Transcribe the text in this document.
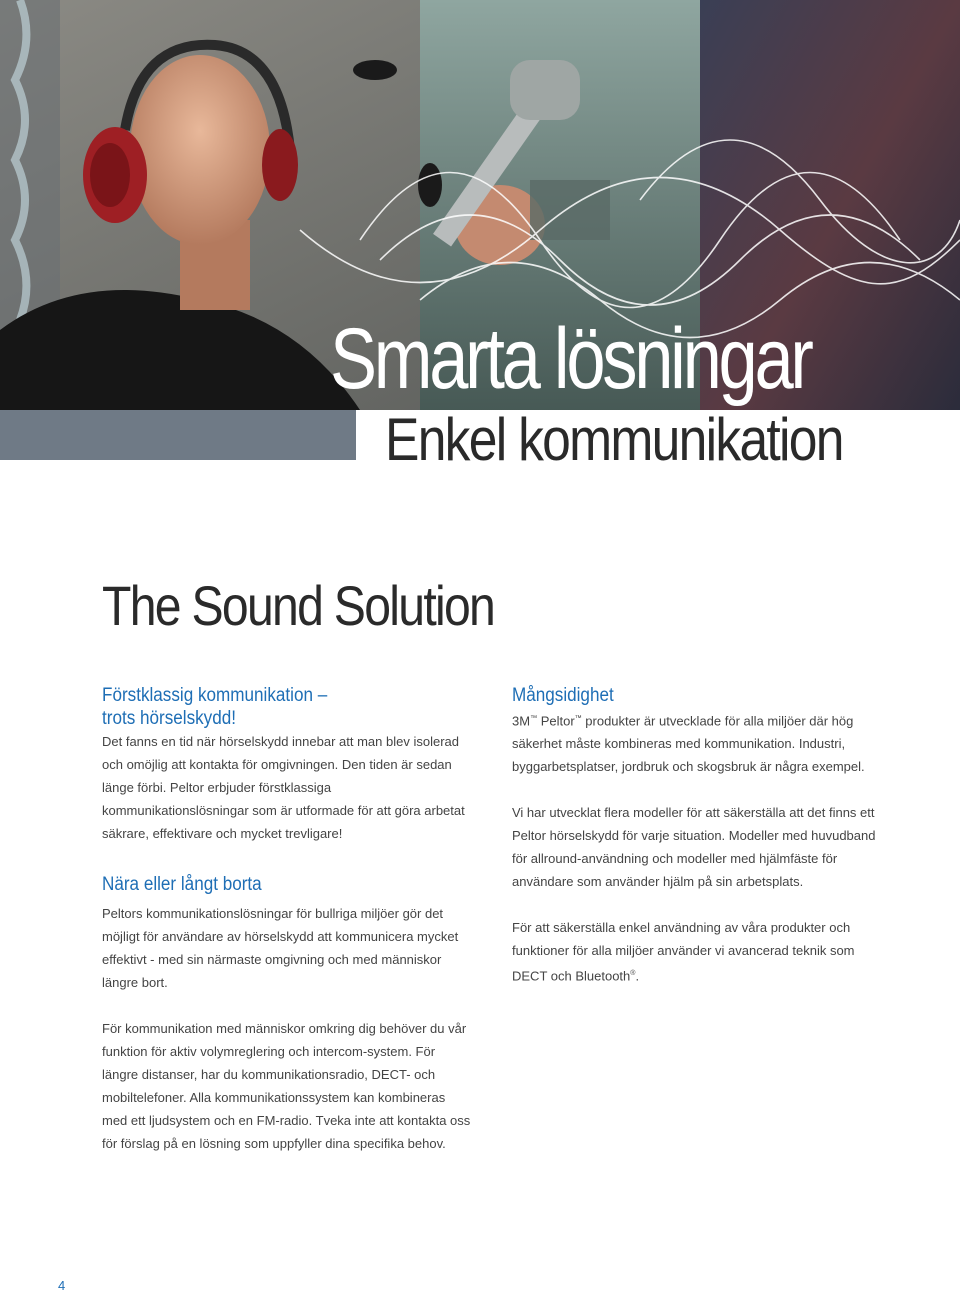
Smarta lösningar
Enkel kommunikation
The Sound Solution
Förstklassig kommunikation –
trots hörselskydd!

Det fanns en tid när hörselskydd innebar att man blev isolerad och omöjlig att kontakta för omgivningen. Den tiden är sedan länge förbi. Peltor erbjuder förstklassiga kommunikationslösningar som är utformade för att göra arbetat säkrare, effektivare och mycket trevligare!

Nära eller långt borta

Peltors kommunikationslösningar för bullriga miljöer gör det möjligt för användare av hörselskydd att kommunicera mycket effektivt - med sin närmaste omgivning och med människor längre bort.

För kommunikation med människor omkring dig behöver du vår funktion för aktiv volymreglering och intercom-system. För längre distanser, har du kommunikationsradio, DECT- och mobiltelefoner. Alla kommunikationssystem kan kombineras med ett ljudsystem och en FM-radio. Tveka inte att kontakta oss för förslag på en lösning som uppfyller dina specifika behov.

Mångsidighet

3M™ Peltor™ produkter är utvecklade för alla miljöer där hög säkerhet måste kombineras med kommunikation. Industri, byggarbetsplatser, jordbruk och skogsbruk är några exempel.

Vi har utvecklat flera modeller för att säkerställa att det finns ett Peltor hörselskydd för varje situation. Modeller med huvudband för allround-användning och modeller med hjälmfäste för användare som använder hjälm på sin arbetsplats.

För att säkerställa enkel användning av våra produkter och funktioner för alla miljöer använder vi avancerad teknik som DECT och Bluetooth®.

4
